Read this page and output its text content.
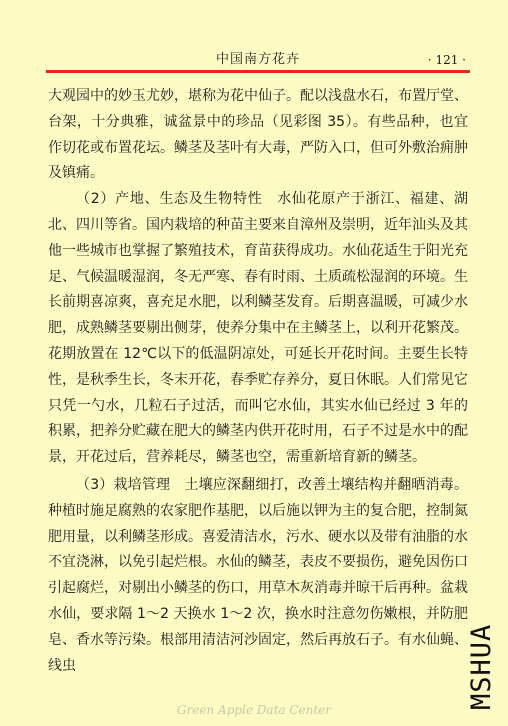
中国南方花卉	· 121 ·

大观园中的妙玉尤妙，堪称为花中仙子。配以浅盘水石，布置厅堂、台架，十分典雅，诚盆景中的珍品（见彩图 35）。有些品种，也宜作切花或布置花坛。鳞茎及茎叶有大毒，严防入口，但可外敷治痈肿及镇痛。

（2）产地、生态及生物特性　水仙花原产于浙江、福建、湖北、四川等省。国内栽培的种苗主要来自漳州及崇明，近年汕头及其他一些城市也掌握了繁殖技术，育苗获得成功。水仙花适生于阳光充足、气候温暖湿润，冬无严寒、春有时雨、土质疏松湿润的环境。生长前期喜凉爽，喜充足水肥，以利鳞茎发育。后期喜温暖，可减少水肥，成熟鳞茎要剔出侧芽，使养分集中在主鳞茎上，以利开花繁茂。花期放置在 12℃以下的低温阴凉处，可延长开花时间。主要生长特性，是秋季生长，冬末开花，春季贮存养分，夏日休眠。人们常见它只凭一勺水，几粒石子过活，而叫它水仙，其实水仙已经过 3 年的积累，把养分贮藏在肥大的鳞茎内供开花时用，石子不过是水中的配景，开花过后，营养耗尽，鳞茎也空，需重新培育新的鳞茎。

（3）栽培管理　土壤应深翻细打，改善土壤结构并翻晒消毒。种植时施足腐熟的农家肥作基肥，以后施以钾为主的复合肥，控制氮肥用量，以利鳞茎形成。喜爱清洁水，污水、硬水以及带有油脂的水不宜浇淋，以免引起烂根。水仙的鳞茎，表皮不要损伤，避免因伤口引起腐烂，对剔出小鳞茎的伤口，用草木灰消毒并晾干后再种。盆栽水仙，要求隔 1～2 天换水 1～2 次，换水时注意勿伤嫩根，并防肥皂、香水等污染。根部用清洁河沙固定，然后再放石子。有水仙蝇、线虫	MSHUA
Green Apple Data Center
